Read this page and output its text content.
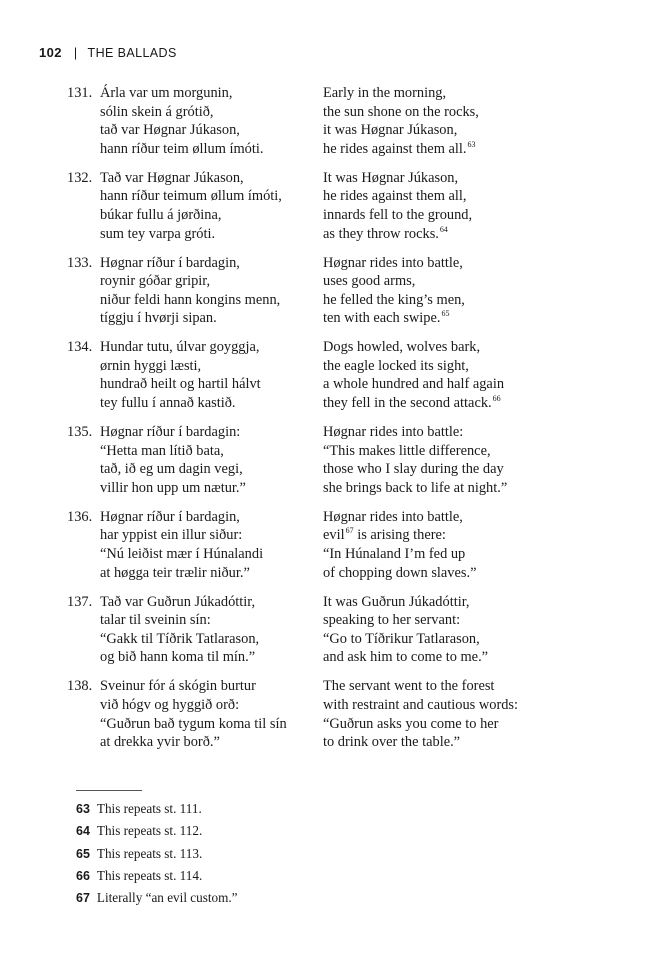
102 | THE BALLADS
131. Árla var um morgunin,
sólin skein á grótið,
tað var Høgnar Júkason,
hann ríður teim øllum ímóti.
Early in the morning,
the sun shone on the rocks,
it was Høgnar Júkason,
he rides against them all.$^{63}$
132. Tað var Høgnar Júkason,
hann ríður teimum øllum ímóti,
búkar fullu á jørðina,
sum tey varpa gróti.
It was Høgnar Júkason,
he rides against them all,
innards fell to the ground,
as they throw rocks.$^{64}$
133. Høgnar ríður í bardagin,
roynir góðar gripir,
niður feldi hann kongins menn,
tíggju í hvørji sipan.
Høgnar rides into battle,
uses good arms,
he felled the king’s men,
ten with each swipe.$^{65}$
134. Hundar tutu, úlvar goyggja,
ørnin hyggi læsti,
hundrað heilt og hartil hálvt
tey fullu í annað kastið.
Dogs howled, wolves bark,
the eagle locked its sight,
a whole hundred and half again
they fell in the second attack.$^{66}$
135. Høgnar ríður í bardagin:
“Hetta man lítið bata,
tað, ið eg um dagin vegi,
villir hon upp um nætur.”
Høgnar rides into battle:
“This makes little difference,
those who I slay during the day
she brings back to life at night.”
136. Høgnar ríður í bardagin,
har yppist ein illur siður:
“Nú leiðist mær í Húnalandi
at høgga teir trælir niður.”
Høgnar rides into battle,
evil$^{67}$ is arising there:
“In Húnaland I’m fed up
of chopping down slaves.”
137. Tað var Guðrun Júkadóttir,
talar til sveinin sín:
“Gakk til Tíðrik Tatlarason,
og bið hann koma til mín.”
It was Guðrun Júkadóttir,
speaking to her servant:
“Go to Tíðrikur Tatlarason,
and ask him to come to me.”
138. Sveinur fór á skógin burtur
við hógv og hyggið orð:
“Guðrun bað tygum koma til sín
at drekka yvir borð.”
The servant went to the forest
with restraint and cautious words:
“Guðrun asks you come to her
to drink over the table.”
63 This repeats st. 111.
64 This repeats st. 112.
65 This repeats st. 113.
66 This repeats st. 114.
67 Literally “an evil custom.”
